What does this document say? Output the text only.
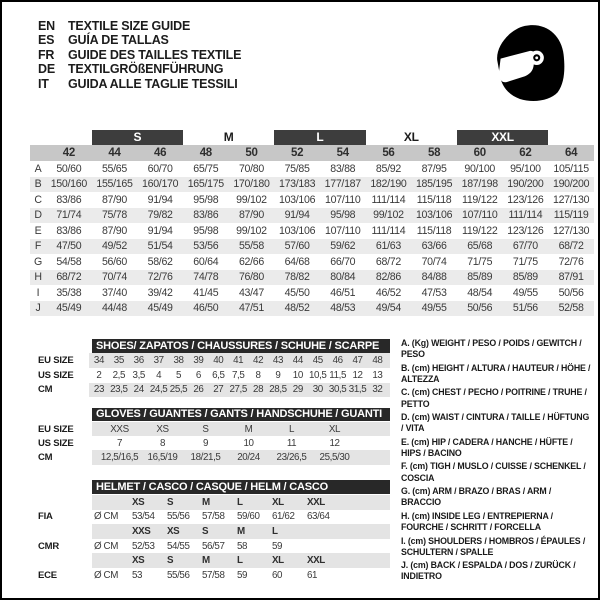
EN	TEXTILE SIZE GUIDE
ES	GUÍA DE TALLAS
FR	GUIDE DES TAILLES TEXTILE
DE	TEXTILGRÖßENFÜHRUNG
IT	GUIDA ALLE TAGLIE TESSILI

		S		M		L		XL		XXL		

	42	44	46	48	50	52	54	56	58	60	62	64
A	50/60	55/65	60/70	65/75	70/80	75/85	83/88	85/92	87/95	90/100	95/100	105/115
B	150/160	155/165	160/170	165/175	170/180	173/183	177/187	182/190	185/195	187/198	190/200	190/200
C	83/86	87/90	91/94	95/98	99/102	103/106	107/110	111/114	115/118	119/122	123/126	127/130
D	71/74	75/78	79/82	83/86	87/90	91/94	95/98	99/102	103/106	107/110	111/114	115/119
E	83/86	87/90	91/94	95/98	99/102	103/106	107/110	111/114	115/118	119/122	123/126	127/130
F	47/50	49/52	51/54	53/56	55/58	57/60	59/62	61/63	63/66	65/68	67/70	68/72
G	54/58	56/60	58/62	60/64	62/66	64/68	66/70	68/72	70/74	71/75	71/75	72/76
H	68/72	70/74	72/76	74/78	76/80	78/82	80/84	82/86	84/88	85/89	85/89	87/91
I	35/38	37/40	39/42	41/45	43/47	45/50	46/51	46/52	47/53	48/54	49/55	50/56
J	45/49	44/48	45/49	46/50	47/51	48/52	48/53	49/54	49/55	50/56	51/56	52/58
SHOES/ ZAPATOS / CHAUSSURES / SCHUHE / SCARPE
EU SIZE	34 35 36 37 38 39 40 41 42 43 44 45 46 47 48
US SIZE	2	2,5 3,5	4	5	6	6,5 7,5	8	9	10 10,5 11,5 12 13
CM	23 23,5 24 24,5 25,5 26 27 27,5 28 28,5 29 30 30,5 31,5 32
GLOVES / GUANTES / GANTS / HANDSCHUHE / GUANTI
EU SIZE	XXS	XS	S	M	L	XL
US SIZE	7	8	9	10	11	12
CM	12,5/16,5 16,5/19	18/21,5	20/24	23/26,5	25,5/30
HELMET / CASCO / CASQUE / HELM / CASCO
XS	S	M	L	XL	XXL
FIA	Ø CM	53/54	55/56	57/58	59/60	61/62	63/64
XXS	XS	S	M	L
CMR	Ø CM	52/53	54/55	56/57	58	59
XS	S	M	L	XL	XXL
ECE	Ø CM	53	55/56	57/58	59	60	61
A. (Kg) WEIGHT / PESO / POIDS / GEWITCH / PESO
B. (cm) HEIGHT / ALTURA / HAUTEUR / HÖHE / ALTEZZA
C. (cm) CHEST / PECHO / POITRINE / TRUHE / PETTO
D. (cm) WAIST / CINTURA / TAILLE / HÜFTUNG / VITA
E. (cm) HIP / CADERA / HANCHE / HÜFTE / HIPS / BACINO
F. (cm) TIGH / MUSLO / CUISSE / SCHENKEL / COSCIA
G. (cm) ARM / BRAZO / BRAS / ARM / BRACCIO
H. (cm) INSIDE LEG / ENTREPIERNA / FOURCHE / SCHRITT / FORCELLA
I. (cm) SHOULDERS / HOMBROS / ÉPAULES / SCHULTERN / SPALLE
J. (cm) BACK / ESPALDA / DOS / ZURÜCK / INDIETRO
